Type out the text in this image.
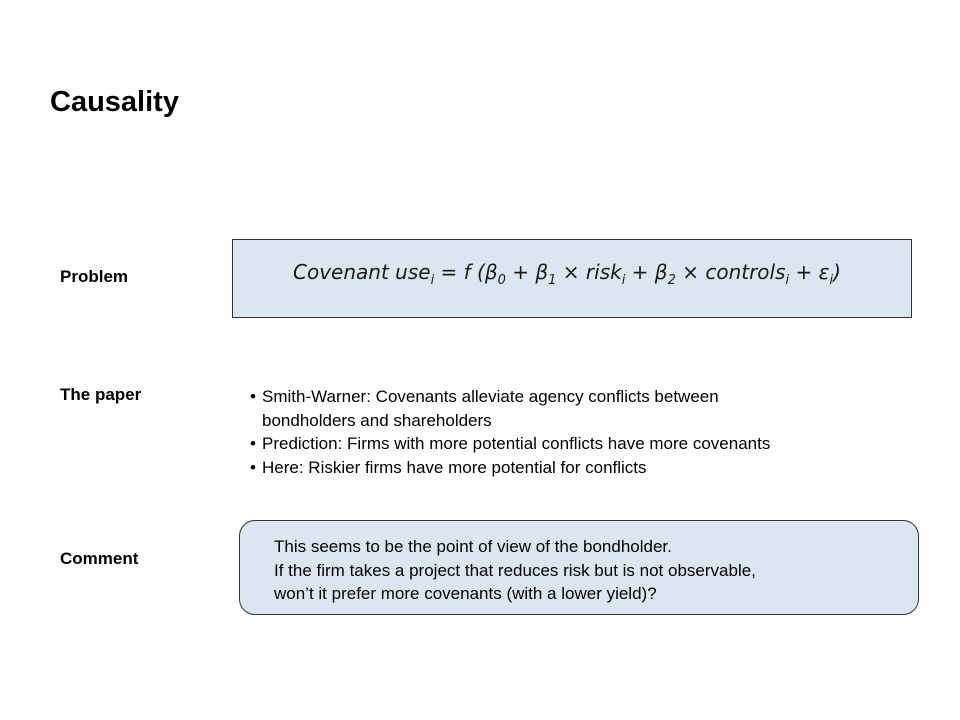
Causality
Problem	Covenant use$_i$ = f ($\beta_0 + \beta_1$ × risk$_i$ + $\beta_2$ × controls$_i$ + $\varepsilon_i$)
The paper
•	Smith-Warner: Covenants alleviate agency conflicts between
bondholders and shareholders
• Prediction: Firms with more potential conflicts have more covenants
• Here: Riskier firms have more potential for conflicts
Comment
This seems to be the point of view of the bondholder.
If the firm takes a project that reduces risk but is not observable,
won’t it prefer more covenants (with a lower yield)?
